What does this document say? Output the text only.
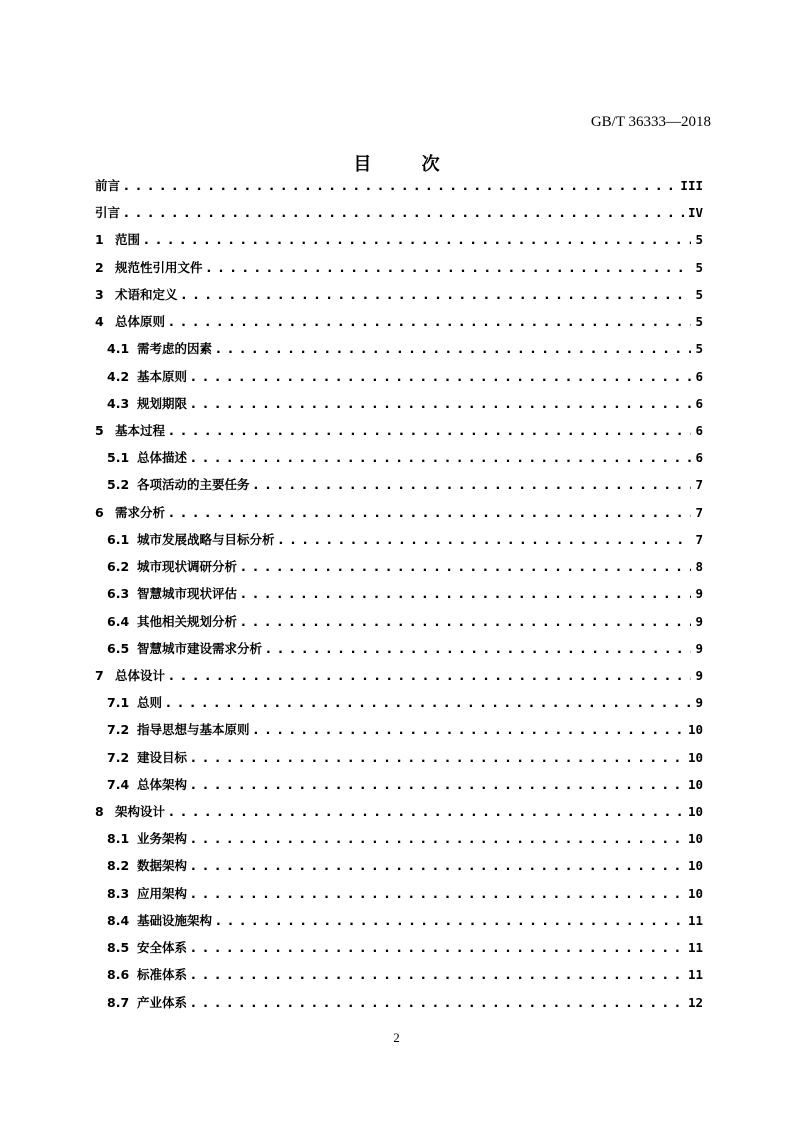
GB/T 36333—2018
目 次
前言 . . .	III
引言 . . .	IV
1 范围 . . .	5
2 规范性引用文件 . . .	5
3 术语和定义 . . .	5
4 总体原则 . . .	5
4.1 需考虑的因素 . . .	5
4.2 基本原则 . . .	6
4.3 规划期限 . . .	6
5 基本过程 . . .	6
5.1 总体描述 . . .	6
5.2 各项活动的主要任务 . . .	7
6 需求分析 . . .	7
6.1 城市发展战略与目标分析 . . .	7
6.2 城市现状调研分析 . . .	8
6.3 智慧城市现状评估 . . .	9
6.4 其他相关规划分析 . . .	9
6.5 智慧城市建设需求分析 . . .	9
7 总体设计 . . .	9
7.1 总则 . . .	9
7.2 指导思想与基本原则 . . .	10
7.2 建设目标 . . .	10
7.4 总体架构 . . .	10
8 架构设计 . . .	10
8.1 业务架构 . . .	10
8.2 数据架构 . . .	10
8.3 应用架构 . . .	10
8.4 基础设施架构 . . .	11
8.5 安全体系 . . .	11
8.6 标准体系 . . .	11
8.7 产业体系 . . .	12
2
